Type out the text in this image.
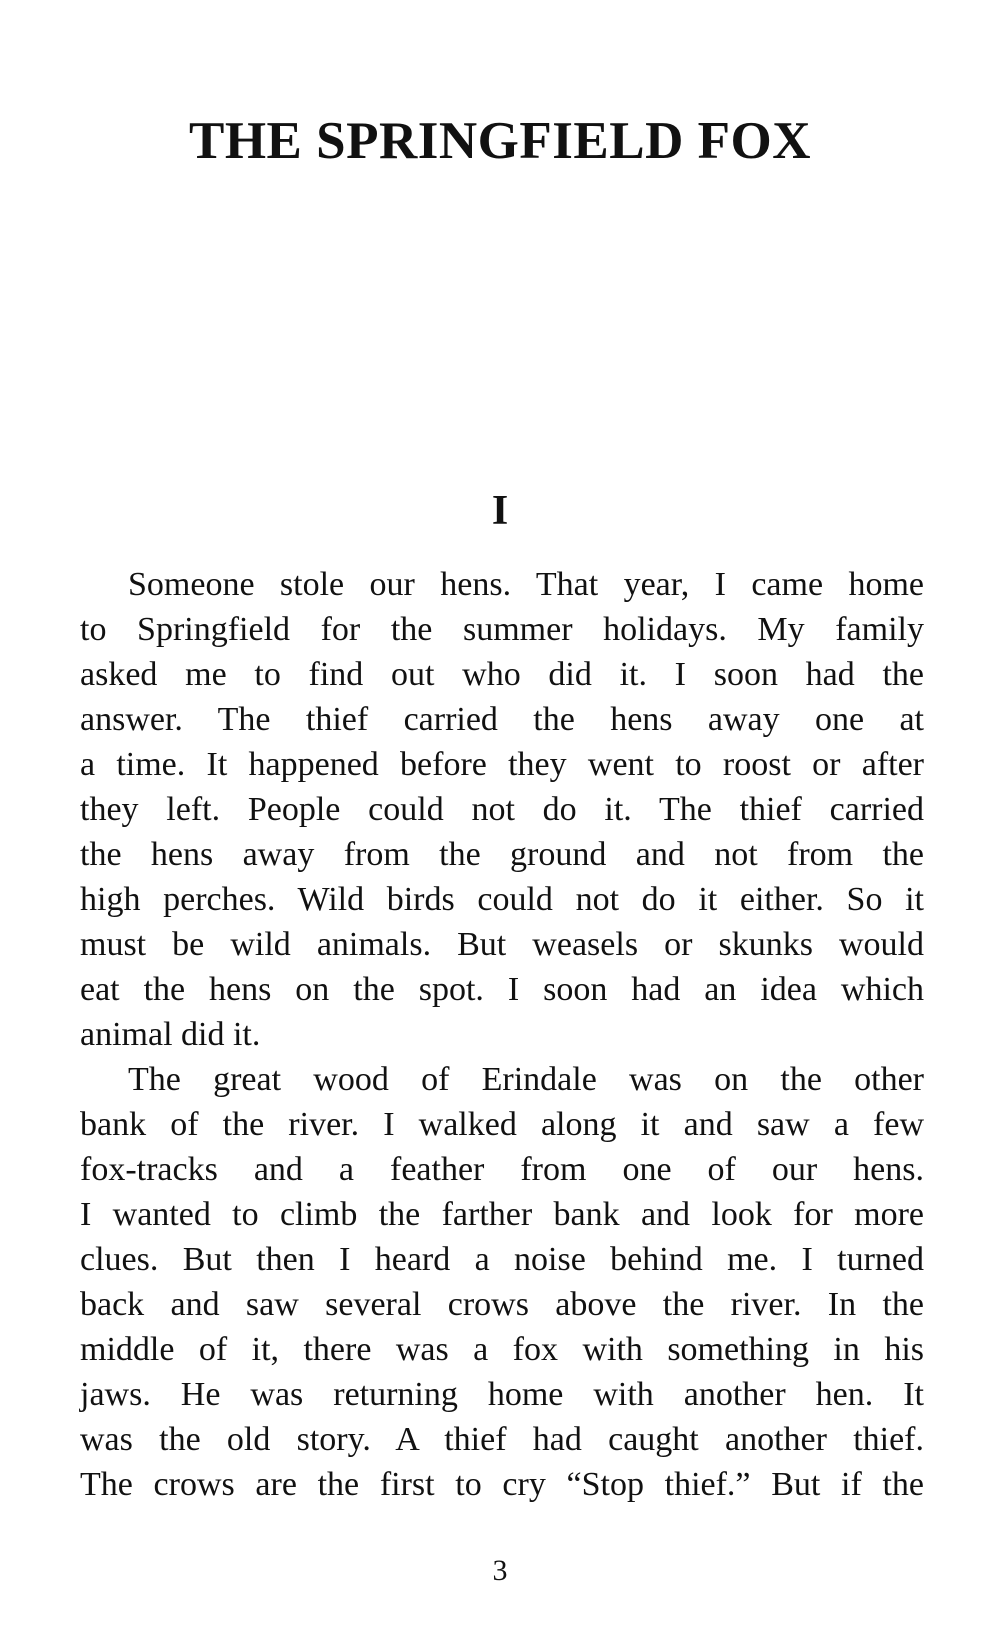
THE SPRINGFIELD FOX
I
Someone stole our hens. That year, I came home
to Springfield for the summer holidays. My family
asked me to find out who did it. I soon had the
answer. The thief carried the hens away one at
a time. It happened before they went to roost or after
they left. People could not do it. The thief carried
the hens away from the ground and not from the
high perches. Wild birds could not do it either. So it
must be wild animals. But weasels or skunks would
eat the hens on the spot. I soon had an idea which
animal did it.
The great wood of Erindale was on the other
bank of the river. I walked along it and saw a few
fox-tracks and a feather from one of our hens.
I wanted to climb the farther bank and look for more
clues. But then I heard a noise behind me. I turned
back and saw several crows above the river. In the
middle of it, there was a fox with something in his
jaws. He was returning home with another hen. It
was the old story. A thief had caught another thief.
The crows are the first to cry “Stop thief.” But if the
3
